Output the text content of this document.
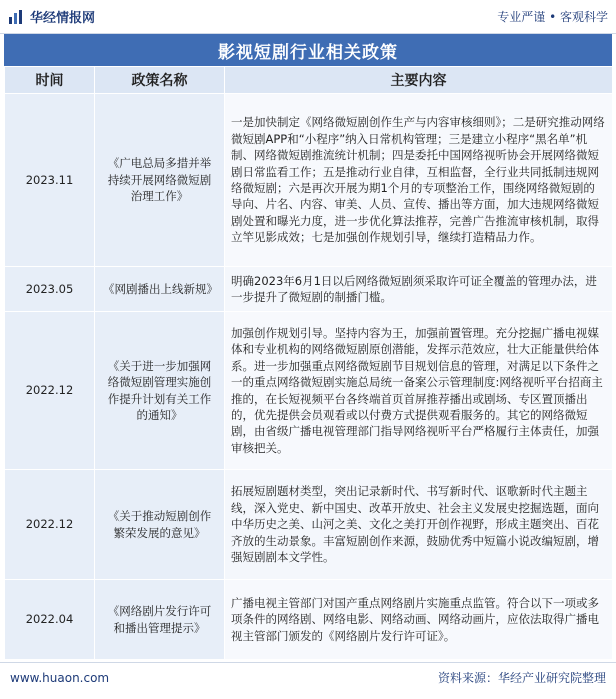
华经情报网	专业严谨 • 客观科学
影视短剧行业相关政策
时间	政策名称	主要内容
2023.11	《广电总局多措并举持续开展网络微短剧治理工作》	一是加快制定《网络微短剧创作生产与内容审核细则》；二是研究推动网络微短剧APP和“小程序”纳入日常机构管理；三是建立小程序“黑名单”机制、网络微短剧推流统计机制；四是委托中国网络视听协会开展网络微短剧日常监看工作；五是推动行业自律，互相监督，全行业共同抵制违规网络微短剧；六是再次开展为期1个月的专项整治工作，围绕网络微短剧的导向、片名、内容、审美、人员、宣传、播出等方面，加大违规网络微短剧处置和曝光力度，进一步优化算法推荐，完善广告推流审核机制，取得立竿见影成效；七是加强创作规划引导，继续打造精品力作。
2023.05	《网剧播出上线新规》	明确2023年6月1日以后网络微短剧须采取许可证全覆盖的管理办法，进一步提升了微短剧的制播门槛。
2022.12	《关于进一步加强网络微短剧管理实施创作提升计划有关工作的通知》	加强创作规划引导。坚持内容为王，加强前置管理。充分挖掘广播电视媒体和专业机构的网络微短剧原创潜能，发挥示范效应，壮大正能量供给体系。进一步加强重点网络微短剧节目规划信息的管理，对满足以下条件之一的重点网络微短剧实施总局统一备案公示管理制度:网络视听平台招商主推的，在长短视频平台各终端首页首屏推荐播出或剧场、专区置顶播出的，优先提供会员观看或以付费方式提供观看服务的。其它的网络微短剧，由省级广播电视管理部门指导网络视听平台严格履行主体责任，加强审核把关。
2022.12	《关于推动短剧创作繁荣发展的意见》	拓展短剧题材类型，突出记录新时代、书写新时代、讴歌新时代主题主线，深入党史、新中国史、改革开放史、社会主义发展史挖掘选题，面向中华历史之美、山河之美、文化之美打开创作视野，形成主题突出、百花齐放的生动景象。丰富短剧创作来源，鼓励优秀中短篇小说改编短剧，增强短剧剧本文学性。
2022.04	《网络剧片发行许可和播出管理提示》	广播电视主管部门对国产重点网络剧片实施重点监管。符合以下一项或多项条件的网络剧、网络电影、网络动画、网络动画片，应依法取得广播电视主管部门颁发的《网络剧片发行许可证》。
www.huaon.com	资料来源：华经产业研究院整理
